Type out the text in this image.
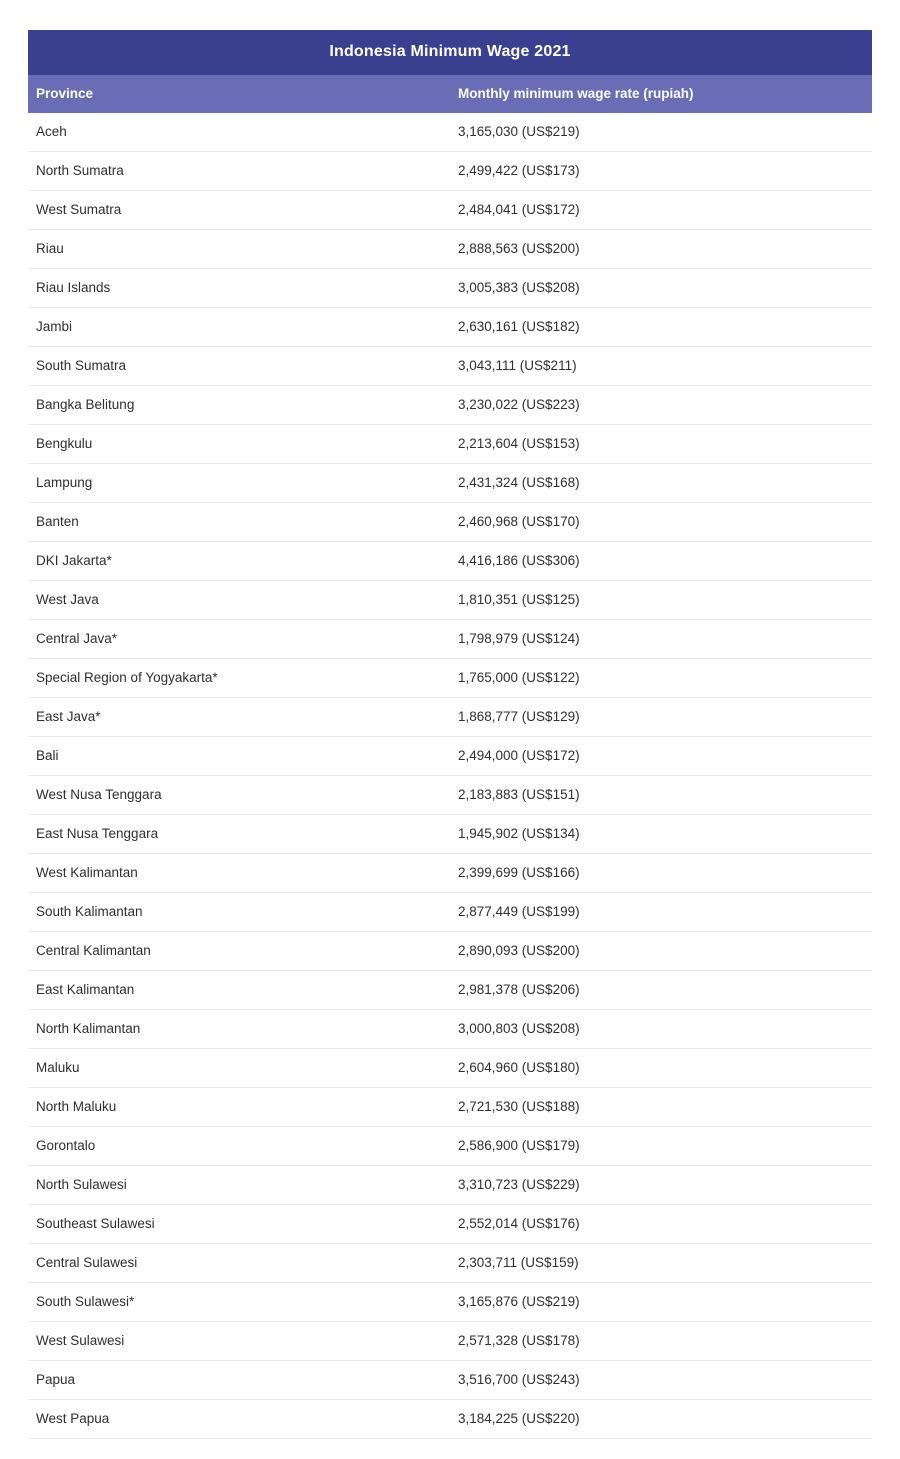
Indonesia Minimum Wage 2021
Province	Monthly minimum wage rate (rupiah)
Aceh	3,165,030 (US$219)
North Sumatra	2,499,422 (US$173)
West Sumatra	2,484,041 (US$172)
Riau	2,888,563 (US$200)
Riau Islands	3,005,383 (US$208)
Jambi	2,630,161 (US$182)
South Sumatra	3,043,111 (US$211)
Bangka Belitung	3,230,022 (US$223)
Bengkulu	2,213,604 (US$153)
Lampung	2,431,324 (US$168)
Banten	2,460,968 (US$170)
DKI Jakarta*	4,416,186 (US$306)
West Java	1,810,351 (US$125)
Central Java*	1,798,979 (US$124)
Special Region of Yogyakarta*	1,765,000 (US$122)
East Java*	1,868,777 (US$129)
Bali	2,494,000 (US$172)
West Nusa Tenggara	2,183,883 (US$151)
East Nusa Tenggara	1,945,902 (US$134)
West Kalimantan	2,399,699 (US$166)
South Kalimantan	2,877,449 (US$199)
Central Kalimantan	2,890,093 (US$200)
East Kalimantan	2,981,378 (US$206)
North Kalimantan	3,000,803 (US$208)
Maluku	2,604,960 (US$180)
North Maluku	2,721,530 (US$188)
Gorontalo	2,586,900 (US$179)
North Sulawesi	3,310,723 (US$229)
Southeast Sulawesi	2,552,014 (US$176)
Central Sulawesi	2,303,711 (US$159)
South Sulawesi*	3,165,876 (US$219)
West Sulawesi	2,571,328 (US$178)
Papua	3,516,700 (US$243)
West Papua	3,184,225 (US$220)
